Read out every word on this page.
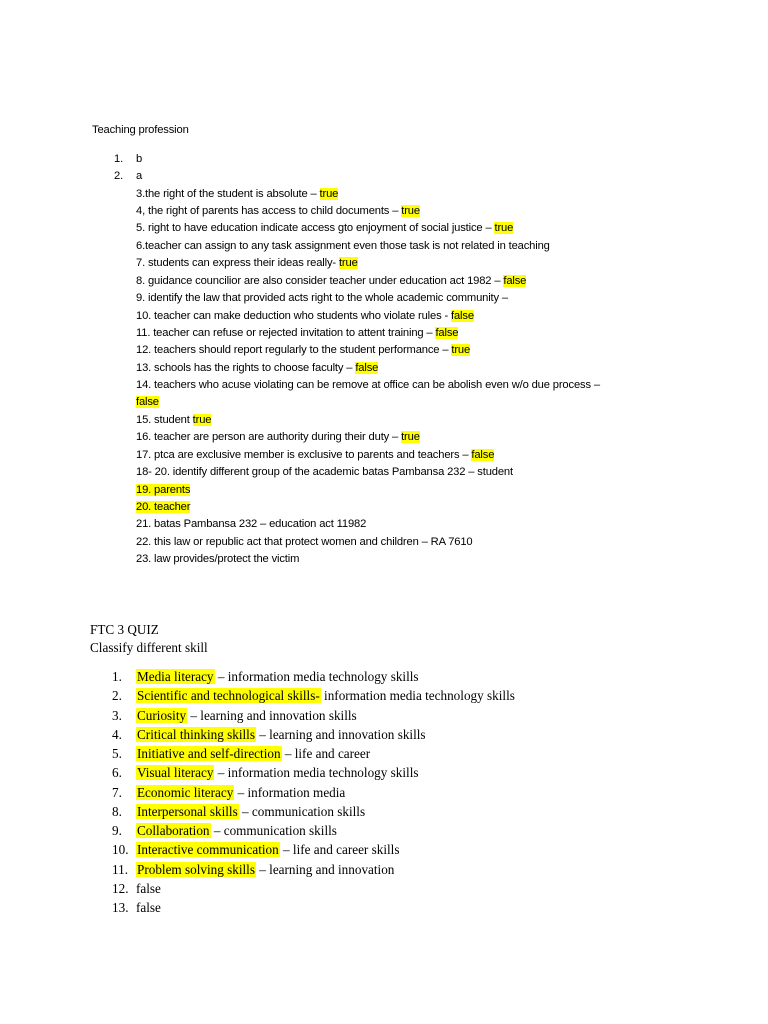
Teaching profession
1. b
2. a
3.the right of the student is absolute – true
4, the right of parents has access to child documents – true
5. right to have education indicate access gto enjoyment of social justice – true
6.teacher can assign to any task assignment even those task is not related in teaching
7. students can express their ideas really- true
8. guidance councilior are also consider teacher under education act 1982 – false
9. identify the law that provided acts right to the whole academic community –
10. teacher can make deduction who students who violate rules - false
11. teacher can refuse or rejected invitation to attent training – false
12. teachers should report regularly to the student performance – true
13. schools has the rights to choose faculty – false
14. teachers who acuse violating can be remove at office can be abolish even w/o due process –
false
15. student true
16. teacher are person are authority during their duty – true
17. ptca are exclusive member is exclusive to parents and teachers – false
18- 20. identify different group of the academic batas Pambansa 232 – student
19. parents
20. teacher
21. batas Pambansa 232 – education act 11982
22. this law or republic act that protect women and children – RA 7610
23. law provides/protect the victim
FTC 3 QUIZ
Classify different skill
1. Media literacy – information media technology skills
2. Scientific and technological skills- information media technology skills
3. Curiosity – learning and innovation skills
4. Critical thinking skills – learning and innovation skills
5. Initiative and self-direction – life and career
6. Visual literacy – information media technology skills
7. Economic literacy – information media
8. Interpersonal skills – communication skills
9. Collaboration – communication skills
10. Interactive communication – life and career skills
11. Problem solving skills – learning and innovation
12. false
13. false
